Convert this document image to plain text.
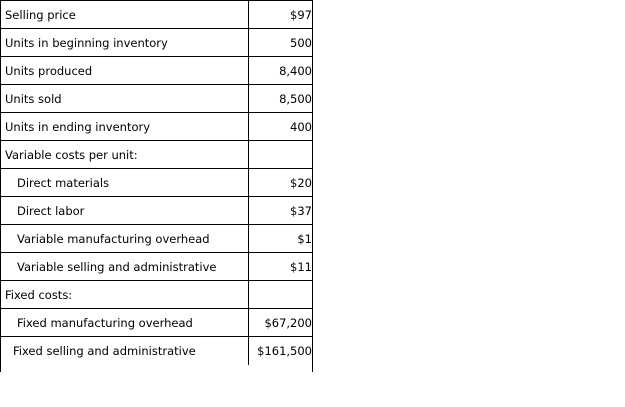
Selling price	$97
Units in beginning inventory	500
Units produced	8,400
Units sold	8,500
Units in ending inventory	400
Variable costs per unit:	
Direct materials	$20
Direct labor	$37
Variable manufacturing overhead	$1
Variable selling and administrative	$11
Fixed costs:	
Fixed manufacturing overhead	$67,200
Fixed selling and administrative	$161,500
